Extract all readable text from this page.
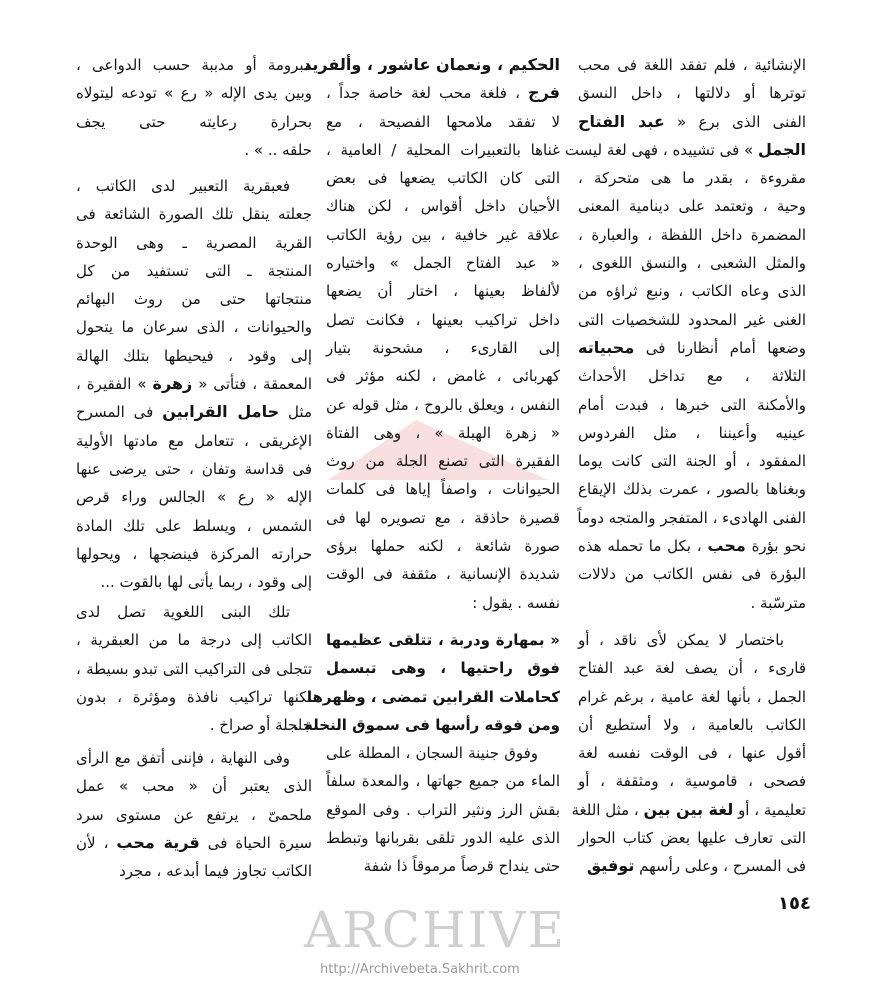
الإنشائية ، فلم تفقد اللغة فى محب
توترها أو دلالتها ، داخل النسق
الفنى الذى برع « عبد الفتاح
الجمل » فى تشييده ، فهى لغة ليست
مقروءة ، بقدر ما هى متحركة ،
وحية ، وتعتمد على دينامية المعنى
المضمرة داخل اللفظة ، والعبارة ،
والمثل الشعبى ، والنسق اللغوى ،
الذى وعاه الكاتب ، ونبع ثراؤه من
الغنى غير المحدود للشخصيات التى
وضعها أمام أنظارنا فى محبياته
الثلاثة ، مع تداخل الأحداث
والأمكنة التى خبرها ، فبدت أمام
عينيه وأعيننا ، مثل الفردوس
المفقود ، أو الجنة التى كانت يوما
وبغناها بالصور ، عمرت بذلك الإيقاع
الفنى الهادىء ، المتفجر والمتجه دوماً
نحو بؤرة محب ، بكل ما تحمله هذه
البؤرة فى نفس الكاتب من دلالات
مترسّبة .
باختصار لا يمكن لأى ناقد ، أو
قارىء ، أن يصف لغة عبد الفتاح
الجمل ، بأنها لغة عامية ، برغم غرام
الكاتب بالعامية ، ولا أستطيع أن
أقول عنها ، فى الوقت نفسه لغة
فصحى ، قاموسية ، ومثقفة ، أو
تعليمية ، أو لغة بين بين ، مثل اللغة
التى تعارف عليها بعض كتاب الحوار
فى المسرح ، وعلى رأسهم توفيق
الحكيم ، ونعمان عاشور ، وألفريد
فرج ، فلغة محب لغة خاصة جداً ،
لا تفقد ملامحها الفصيحة ، مع
غناها بالتعبيرات المحلية / العامية ،
التى كان الكاتب يضعها فى بعض
الأحيان داخل أقواس ، لكن هناك
علاقة غير خافية ، بين رؤية الكاتب
« عبد الفتاح الجمل » واختياره
لألفاظ بعينها ، اختار أن يضعها
داخل تراكيب بعينها ، فكانت تصل
إلى القارىء ، مشحونة بتيار
كهربائى ، غامض ، لكنه مؤثر فى
النفس ، ويعلق بالروح ، مثل قوله عن
« زهرة الهبلة » ، وهى الفتاة
الفقيرة التى تصنع الجلة من روث
الحيوانات ، واصفاً إياها فى كلمات
قصيرة حاذقة ، مع تصويره لها فى
صورة شائعة ، لكنه حملها برؤى
شديدة الإنسانية ، مثقفة فى الوقت
نفسه . يقول :
« بمهارة ودربة ، تتلقى عظيمها
فوق راحتيها ، وهى تبسمل
كحاملات القرابين تمضى ، وظهرها
ومن فوقه رأسها فى سموق النخلة .
وفوق جنينة السجان ، المطلة على
الماء من جميع جهاتها ، والمعدة سلفاً
بقش الرز ونثير التراب . وفى الموقع
الذى عليه الدور تلقى بقربانها وتبطط
حتى ينداح قرصاً مرموقاً ذا شفة
مبرومة أو مدببة حسب الدواعى ،
وبين يدى الإله « رع » تودعه ليتولاه
بحرارة رعايته حتى يجف
حلقه .. » .
فعبقرية التعبير لدى الكاتب ،
جعلته ينقل تلك الصورة الشائعة فى
القرية المصرية ـ وهى الوحدة
المنتجة ـ التى تستفيد من كل
منتجاتها حتى من روث البهائم
والحيوانات ، الذى سرعان ما يتحول
إلى وقود ، فيحيطها بتلك الهالة
المعمقة ، فتأتى « زهرة » الفقيرة ،
مثل حامل القرابين فى المسرح
الإغريقى ، تتعامل مع مادتها الأولية
فى قداسة وتفان ، حتى يرضى عنها
الإله « رع » الجالس وراء قرص
الشمس ، ويسلط على تلك المادة
حرارته المركزة فينضجها ، ويحولها
إلى وقود ، ربما يأتى لها بالقوت ...
تلك البنى اللغوية تصل لدى
الكاتب إلى درجة ما من العبقرية ،
تتجلى فى التراكيب التى تبدو بسيطة ،
لكنها تراكيب نافذة ومؤثرة ، بدون
جلجلة أو صراخ .
وفى النهاية ، فإننى أتفق مع الرأى
الذى يعتبر أن « محب » عمل
ملحمىّ ، يرتفع عن مستوى سرد
سيرة الحياة فى قرية محب ، لأن
الكاتب تجاوز فيما أبدعه ، مجرد
ARCHIVE
http://Archivebeta.Sakhrit.com
١٥٤
